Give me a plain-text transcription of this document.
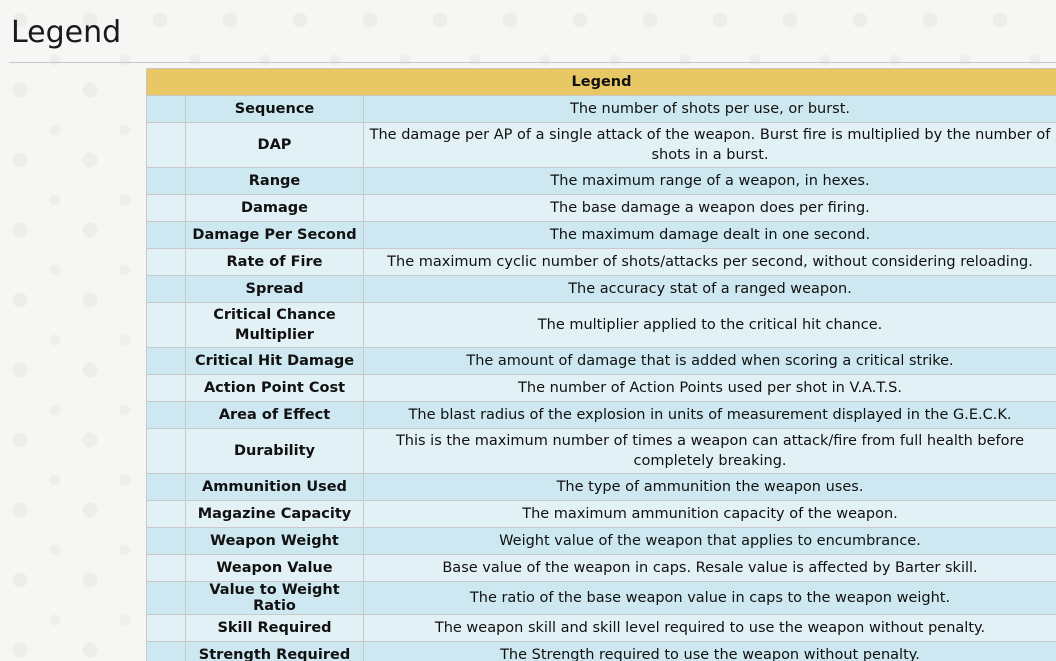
Legend
Legend		
	Sequence	The number of shots per use, or burst.
	DAP	The damage per AP of a single attack of the weapon. Burst fire is multiplied by the number of shots in a burst.
	Range	The maximum range of a weapon, in hexes.
	Damage	The base damage a weapon does per firing.
	Damage Per Second	The maximum damage dealt in one second.
	Rate of Fire	The maximum cyclic number of shots/attacks per second, without considering reloading.
	Spread	The accuracy stat of a ranged weapon.
	Critical Chance Multiplier	The multiplier applied to the critical hit chance.
	Critical Hit Damage	The amount of damage that is added when scoring a critical strike.
	Action Point Cost	The number of Action Points used per shot in V.A.T.S.
	Area of Effect	The blast radius of the explosion in units of measurement displayed in the G.E.C.K.
	Durability	This is the maximum number of times a weapon can attack/fire from full health before completely breaking.
	Ammunition Used	The type of ammunition the weapon uses.
	Magazine Capacity	The maximum ammunition capacity of the weapon.
	Weapon Weight	Weight value of the weapon that applies to encumbrance.
	Weapon Value	Base value of the weapon in caps. Resale value is affected by Barter skill.
	Value to Weight Ratio	The ratio of the base weapon value in caps to the weapon weight.
	Skill Required	The weapon skill and skill level required to use the weapon without penalty.
	Strength Required	The Strength required to use the weapon without penalty.
